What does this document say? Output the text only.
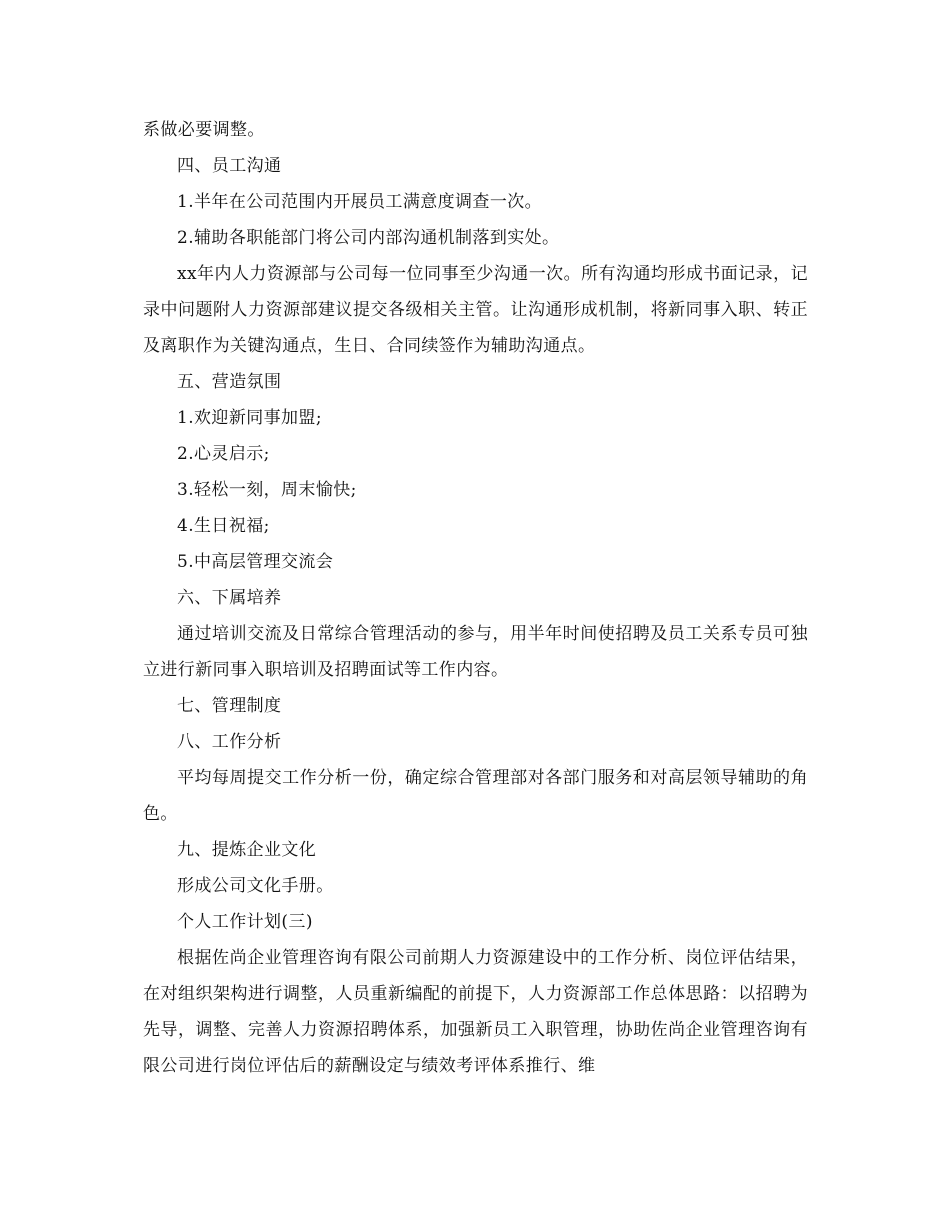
系做必要调整。

四、员工沟通

1.半年在公司范围内开展员工满意度调查一次。

2.辅助各职能部门将公司内部沟通机制落到实处。

xx年内人力资源部与公司每一位同事至少沟通一次。所有沟通均形成书面记录，记录中问题附人力资源部建议提交各级相关主管。让沟通形成机制，将新同事入职、转正及离职作为关键沟通点，生日、合同续签作为辅助沟通点。

五、营造氛围

1.欢迎新同事加盟;

2.心灵启示;

3.轻松一刻，周末愉快;

4.生日祝福;

5.中高层管理交流会

六、下属培养

通过培训交流及日常综合管理活动的参与，用半年时间使招聘及员工关系专员可独立进行新同事入职培训及招聘面试等工作内容。

七、管理制度

八、工作分析

平均每周提交工作分析一份，确定综合管理部对各部门服务和对高层领导辅助的角色。

九、提炼企业文化

形成公司文化手册。

个人工作计划(三)

根据佐尚企业管理咨询有限公司前期人力资源建设中的工作分析、岗位评估结果，在对组织架构进行调整，人员重新编配的前提下，人力资源部工作总体思路：以招聘为先导，调整、完善人力资源招聘体系，加强新员工入职管理，协助佐尚企业管理咨询有限公司进行岗位评估后的薪酬设定与绩效考评体系推行、维
